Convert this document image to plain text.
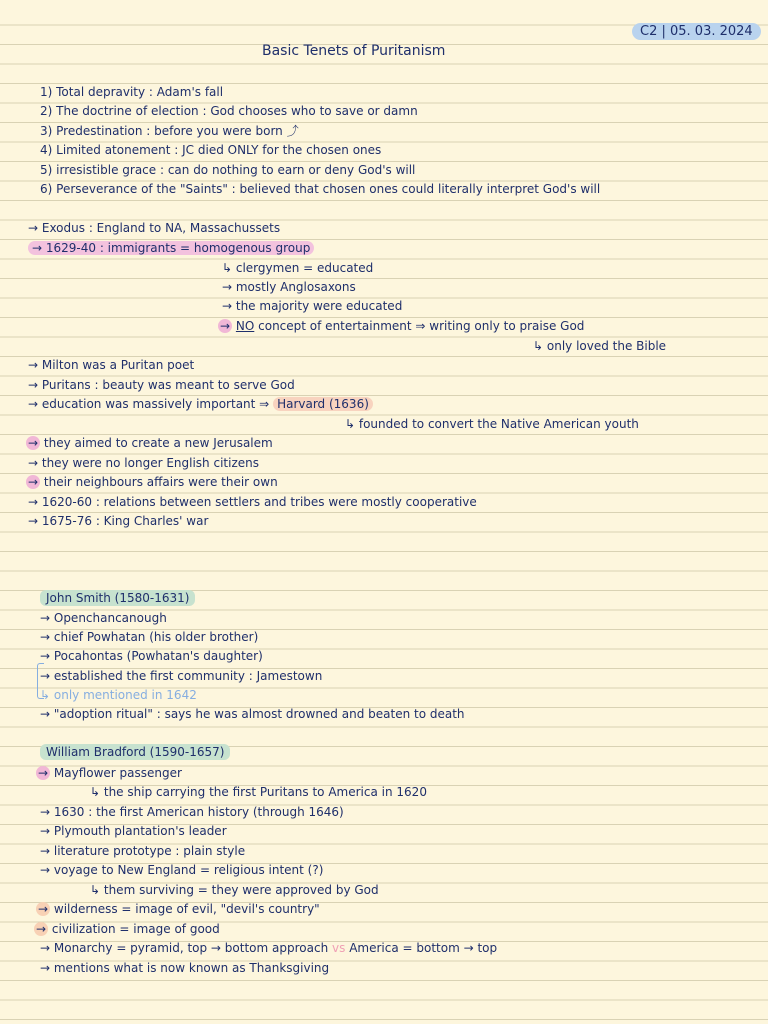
C2 | 05. 03. 2024
Basic Tenets of Puritanism
1) Total depravity : Adam's fall
2) The doctrine of election : God chooses who to save or damn
3) Predestination : before you were born ⤴
4) Limited atonement : JC died ONLY for the chosen ones
5) irresistible grace : can do nothing to earn or deny God's will
6) Perseverance of the "Saints" : believed that chosen ones could literally interpret God's will
→ Exodus : England to NA, Massachussets
→ 1629-40 : immigrants = homogenous group
↳ clergymen = educated
→ mostly Anglosaxons
→ the majority were educated
→ NO concept of entertainment ⇒ writing only to praise God
↳ only loved the Bible
→ Milton was a Puritan poet
→ Puritans : beauty was meant to serve God
→ education was massively important ⇒ Harvard (1636)
↳ founded to convert the Native American youth
→ they aimed to create a new Jerusalem
→ they were no longer English citizens
→ their neighbours affairs were their own
→ 1620-60 : relations between settlers and tribes were mostly cooperative
→ 1675-76 : King Charles' war
John Smith (1580-1631)
→ Openchancanough
→ chief Powhatan (his older brother)
→ Pocahontas (Powhatan's daughter)
→ established the first community : Jamestown
↳ only mentioned in 1642
→ "adoption ritual" : says he was almost drowned and beaten to death
William Bradford (1590-1657)
→ Mayflower passenger
↳ the ship carrying the first Puritans to America in 1620
→ 1630 : the first American history (through 1646)
→ Plymouth plantation's leader
→ literature prototype : plain style
→ voyage to New England = religious intent (?)
↳ them surviving = they were approved by God
→ wilderness = image of evil, "devil's country"
→ civilization = image of good
→ Monarchy = pyramid, top → bottom approach vs America = bottom → top
→ mentions what is now known as Thanksgiving
